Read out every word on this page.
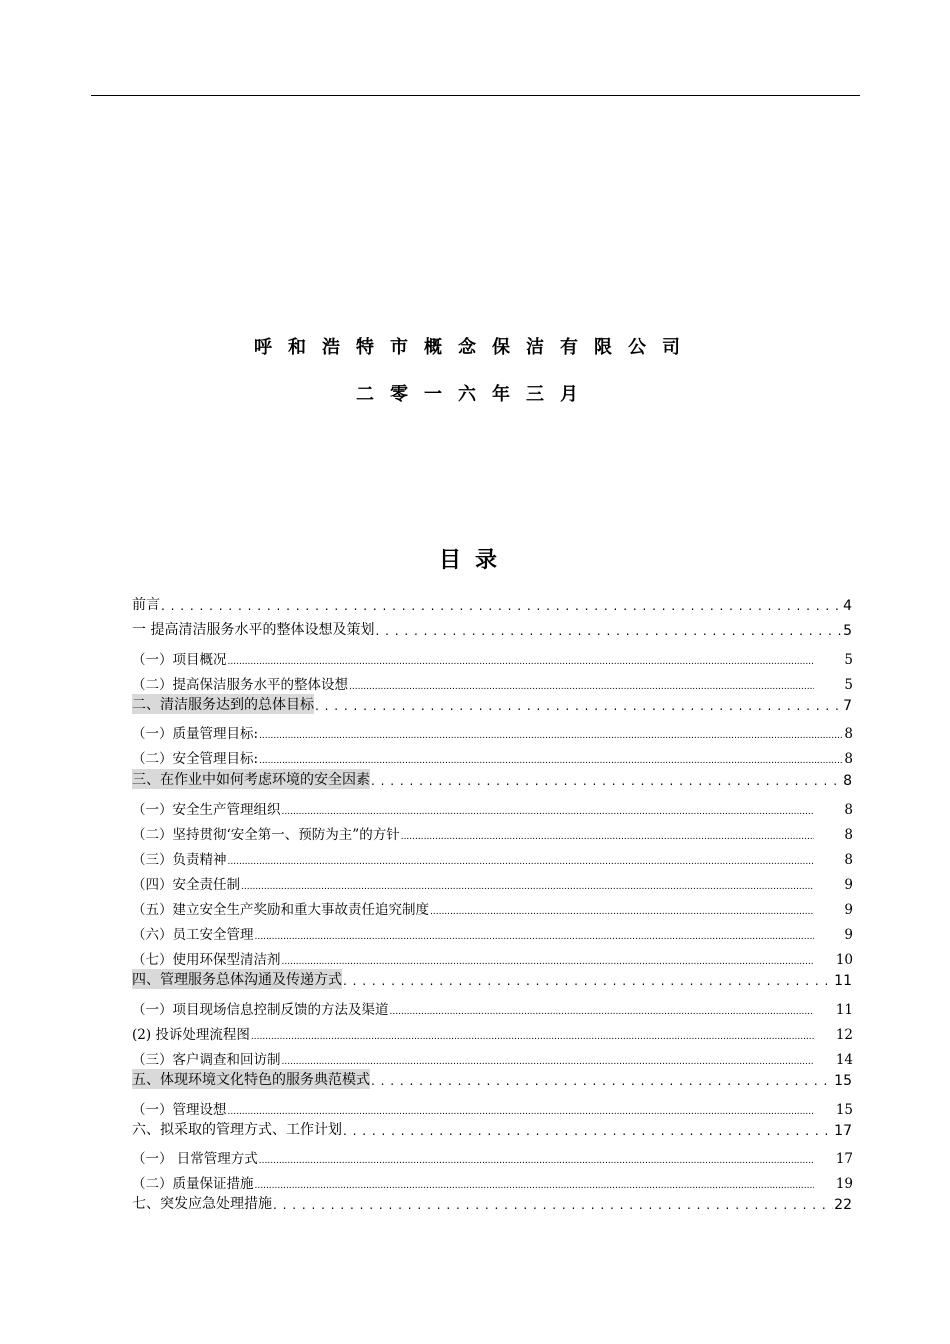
呼和浩特市概念保洁有限公司
二零一六年三月
目录
前言 . . .	4
一 提高清洁服务水平的整体设想及策划 . . .	5
（一）项目概况 .....	5
（二）提高保洁服务水平的整体设想 .....	5
二、清洁服务达到的总体目标 . . .	7
（一）质量管理目标: .....	8
（二）安全管理目标: .....	8
三、在作业中如何考虑环境的安全因素 . . .	8
（一）安全生产管理组织 .....	8
（二）坚持贯彻‘安全第一、预防为主”的方针 .....	8
（三）负责精神 .....	8
（四）安全责任制 .....	9
（五）建立安全生产奖励和重大事故责任追究制度 .....	9
（六）员工安全管理 .....	9
（七）使用环保型清洁剂 .....	10
四、管理服务总体沟通及传递方式 . . .	11
（一）项目现场信息控制反馈的方法及渠道 .....	11
(2) 投诉处理流程图 .....	12
（三）客户调查和回访制 .....	14
五、体现环境文化特色的服务典范模式 . . .	15
（一）管理设想 .....	15
六、拟采取的管理方式、工作计划 . . .	17
（一） 日常管理方式 .....	17
（二）质量保证措施 .....	19
七、突发应急处理措施 . . .	22
